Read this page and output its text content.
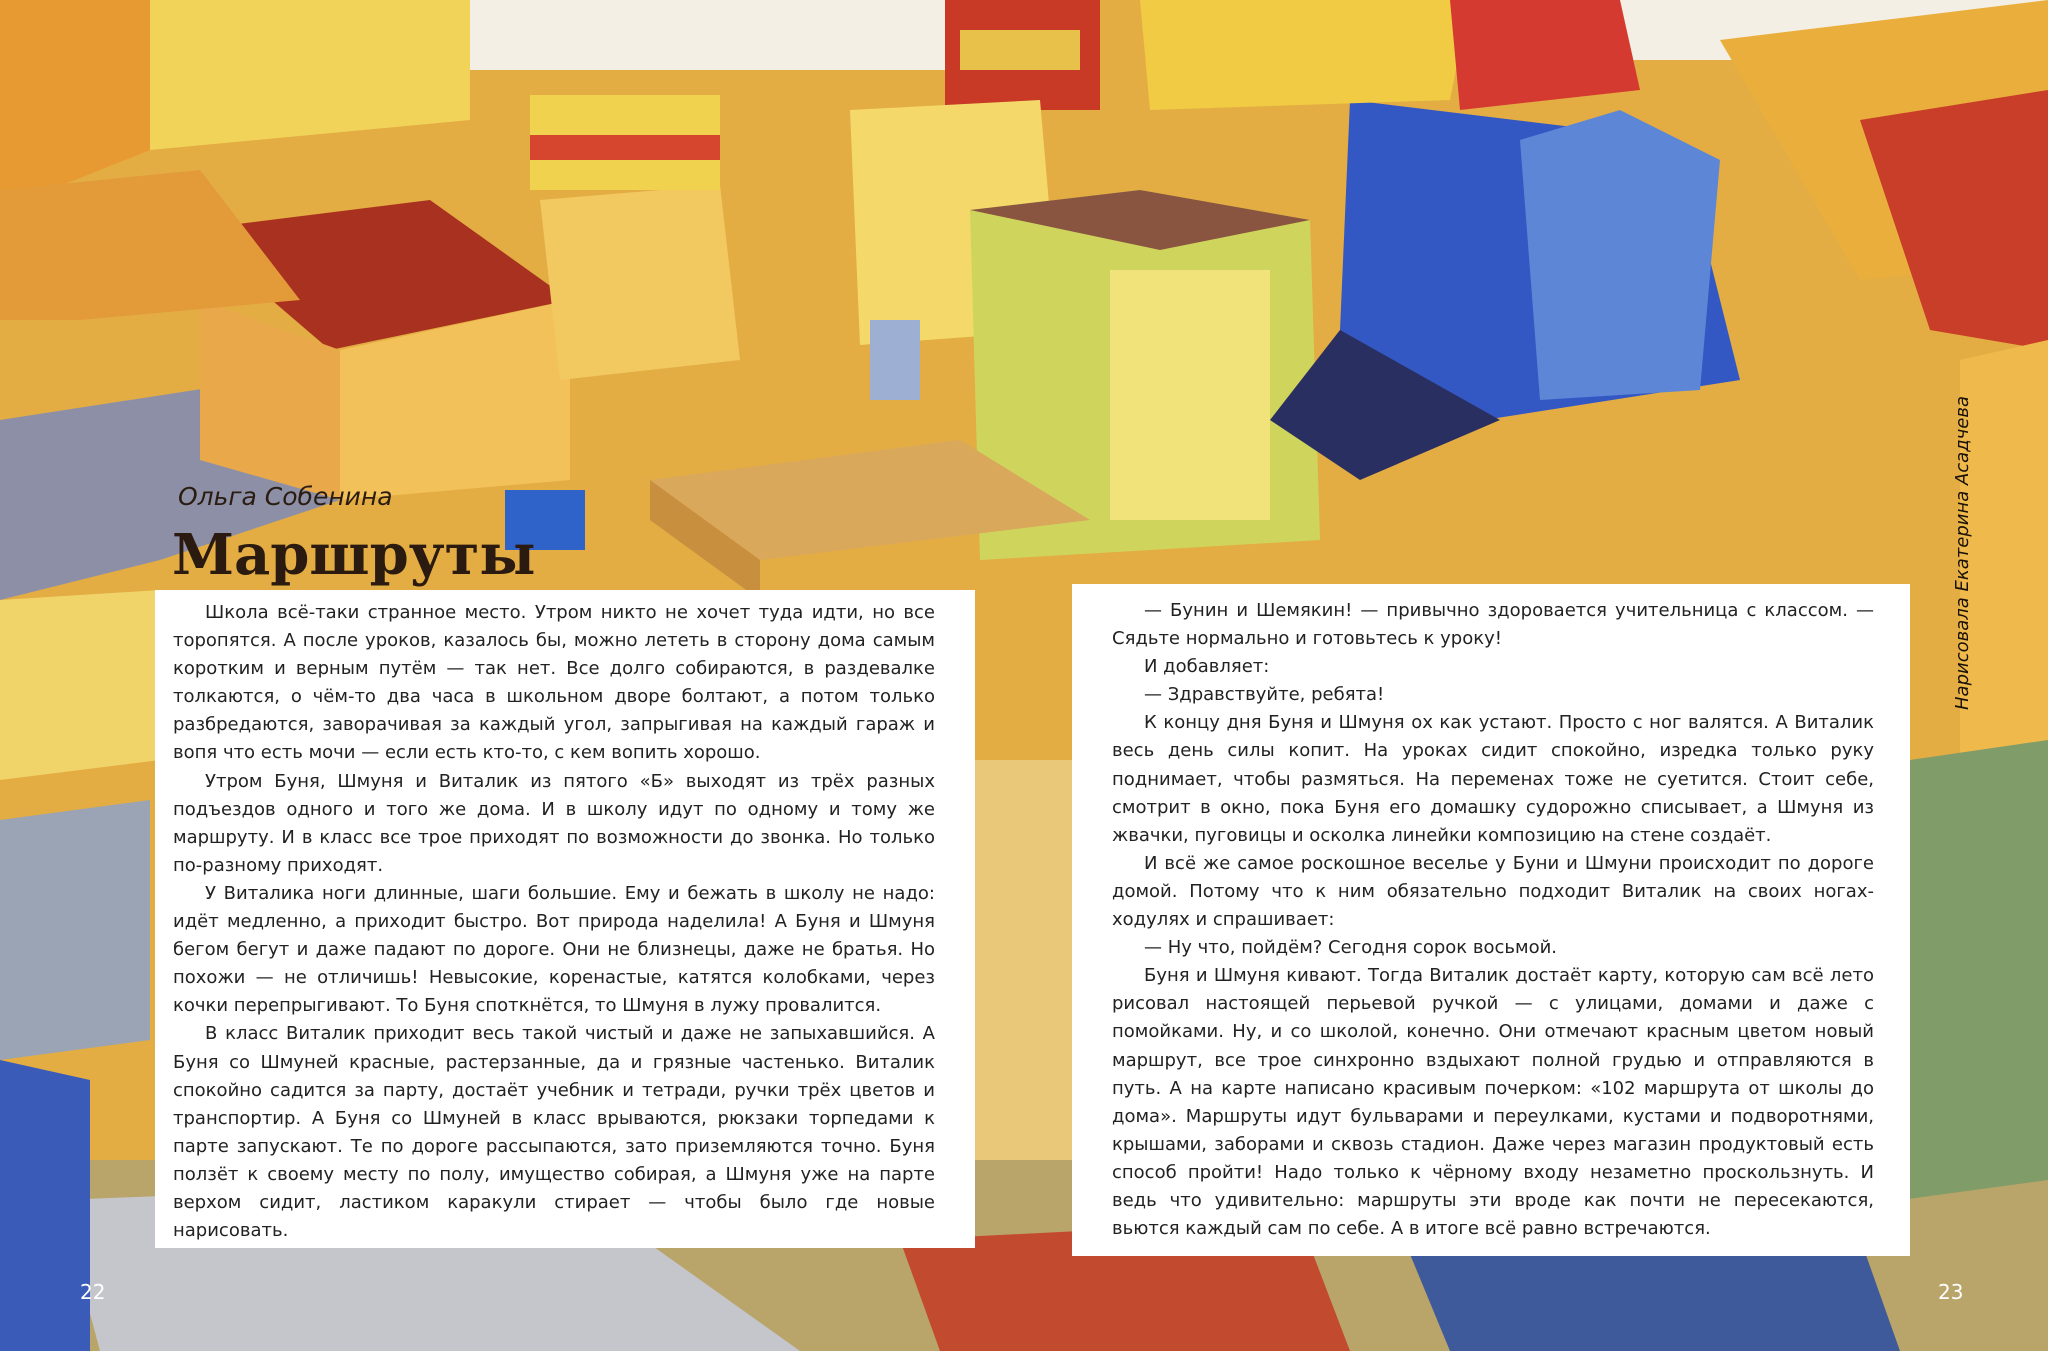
Ольга Собенина
Маршруты

Школа всё-таки странное место. Утром никто не хочет туда идти, но все торопятся. А после уроков, казалось бы, можно лететь в сторону дома самым коротким и верным путём — так нет. Все долго собираются, в раздевалке толкаются, о чём-то два часа в школьном дворе болтают, а потом только разбредаются, заворачивая за каждый угол, запрыгивая на каждый гараж и вопя что есть мочи — если есть кто-то, с кем вопить хорошо.

Утром Буня, Шмуня и Виталик из пятого «Б» выходят из трёх разных подъездов одного и того же дома. И в школу идут по одному и тому же маршруту. И в класс все трое приходят по возможности до звонка. Но только по-разному приходят.

У Виталика ноги длинные, шаги большие. Ему и бежать в школу не надо: идёт медленно, а приходит быстро. Вот природа наделила! А Буня и Шмуня бегом бегут и даже падают по дороге. Они не близнецы, даже не братья. Но похожи — не отличишь! Невысокие, коренастые, катятся колобками, через кочки перепрыгивают. То Буня споткнётся, то Шмуня в лужу провалится.

В класс Виталик приходит весь такой чистый и даже не запыхавшийся. А Буня со Шмуней красные, растерзанные, да и грязные частенько. Виталик спокойно садится за парту, достаёт учебник и тетради, ручки трёх цветов и транспортир. А Буня со Шмуней в класс врываются, рюкзаки торпедами к парте запускают. Те по дороге рассыпаются, зато приземляются точно. Буня ползёт к своему месту по полу, имущество собирая, а Шмуня уже на парте верхом сидит, ластиком каракули стирает — чтобы было где новые нарисовать.

— Бунин и Шемякин! — привычно здоровается учительница с классом. — Сядьте нормально и готовьтесь к уроку!

И добавляет:

— Здравствуйте, ребята!

К концу дня Буня и Шмуня ох как устают. Просто с ног валятся. А Виталик весь день силы копит. На уроках сидит спокойно, изредка только руку поднимает, чтобы размяться. На переменах тоже не суетится. Стоит себе, смотрит в окно, пока Буня его домашку судорожно списывает, а Шмуня из жвачки, пуговицы и осколка линейки композицию на стене создаёт.

И всё же самое роскошное веселье у Буни и Шмуни происходит по дороге домой. Потому что к ним обязательно подходит Виталик на своих ногах-ходулях и спрашивает:

— Ну что, пойдём? Сегодня сорок восьмой.

Буня и Шмуня кивают. Тогда Виталик достаёт карту, которую сам всё лето рисовал настоящей перьевой ручкой — с улицами, домами и даже с помойками. Ну, и со школой, конечно. Они отмечают красным цветом новый маршрут, все трое синхронно вздыхают полной грудью и отправляются в путь. А на карте написано красивым почерком: «102 маршрута от школы до дома». Маршруты идут бульварами и переулками, кустами и подворотнями, крышами, заборами и сквозь стадион. Даже через магазин продуктовый есть способ пройти! Надо только к чёрному входу незаметно проскользнуть. И ведь что удивительно: маршруты эти вроде как почти не пересекаются, вьются каждый сам по себе. А в итоге всё равно встречаются.

22	23
Нарисовала Екатерина Асадчева
